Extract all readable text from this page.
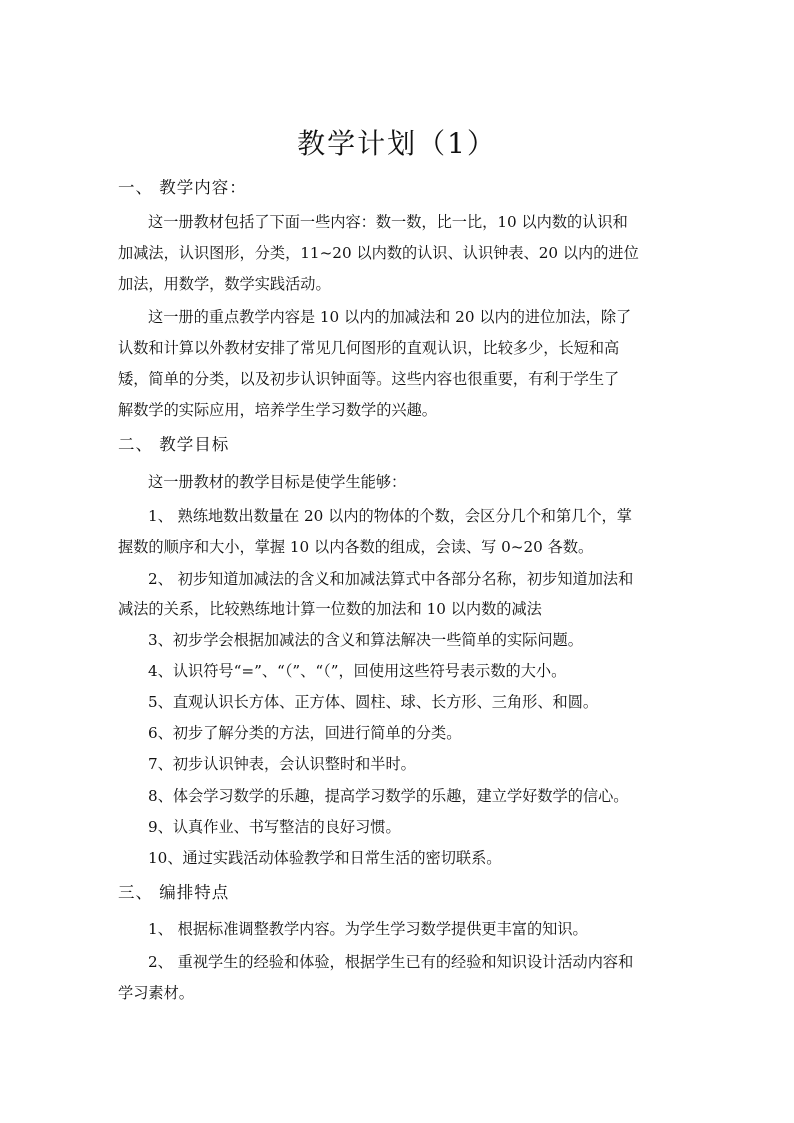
教学计划（1）
一、 教学内容：
这一册教材包括了下面一些内容：数一数，比一比，10 以内数的认识和
加减法，认识图形，分类，11~20 以内数的认识、认识钟表、20 以内的进位
加法，用数学，数学实践活动。
这一册的重点教学内容是 10 以内的加减法和 20 以内的进位加法，除了
认数和计算以外教材安排了常见几何图形的直观认识，比较多少，长短和高
矮，简单的分类，以及初步认识钟面等。这些内容也很重要，有利于学生了
解数学的实际应用，培养学生学习数学的兴趣。
二、 教学目标
这一册教材的教学目标是使学生能够：
1、 熟练地数出数量在 20 以内的物体的个数，会区分几个和第几个，掌
握数的顺序和大小，掌握 10 以内各数的组成，会读、写 0~20 各数。
2、 初步知道加减法的含义和加减法算式中各部分名称，初步知道加法和
减法的关系，比较熟练地计算一位数的加法和 10 以内数的减法
3、初步学会根据加减法的含义和算法解决一些简单的实际问题。
4、认识符号“=”、“（”、“（”，回使用这些符号表示数的大小。
5、直观认识长方体、正方体、圆柱、球、长方形、三角形、和圆。
6、初步了解分类的方法，回进行简单的分类。
7、初步认识钟表，会认识整时和半时。
8、体会学习数学的乐趣，提高学习数学的乐趣，建立学好数学的信心。
9、认真作业、书写整洁的良好习惯。
10、通过实践活动体验教学和日常生活的密切联系。
三、 编排特点
1、 根据标准调整教学内容。为学生学习数学提供更丰富的知识。
2、 重视学生的经验和体验，根据学生已有的经验和知识设计活动内容和
学习素材。
